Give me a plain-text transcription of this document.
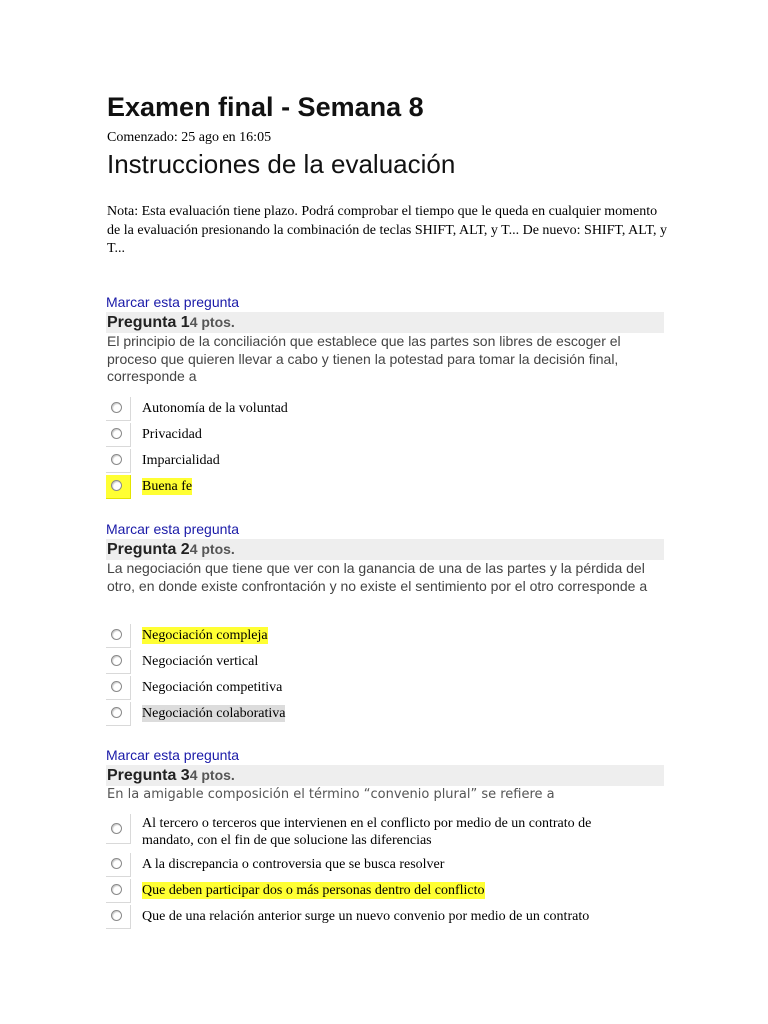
Examen final - Semana 8
Comenzado: 25 ago en 16:05
Instrucciones de la evaluación
Nota: Esta evaluación tiene plazo. Podrá comprobar el tiempo que le queda en cualquier momento de la evaluación presionando la combinación de teclas SHIFT, ALT, y T... De nuevo: SHIFT, ALT, y T...
Marcar esta pregunta
Pregunta 14 ptos.
El principio de la conciliación que establece que las partes son libres de escoger el proceso que quieren llevar a cabo y tienen la potestad para tomar la decisión final, corresponde a
Autonomía de la voluntad
Privacidad
Imparcialidad
Buena fe
Marcar esta pregunta
Pregunta 24 ptos.
La negociación que tiene que ver con la ganancia de una de las partes y la pérdida del otro, en donde existe confrontación y no existe el sentimiento por el otro corresponde a
Negociación compleja
Negociación vertical
Negociación competitiva
Negociación colaborativa
Marcar esta pregunta
Pregunta 34 ptos.
En la amigable composición el término “convenio plural” se refiere a
Al tercero o terceros que intervienen en el conflicto por medio de un contrato de mandato, con el fin de que solucione las diferencias
A la discrepancia o controversia que se busca resolver
Que deben participar dos o más personas dentro del conflicto
Que de una relación anterior surge un nuevo convenio por medio de un contrato
